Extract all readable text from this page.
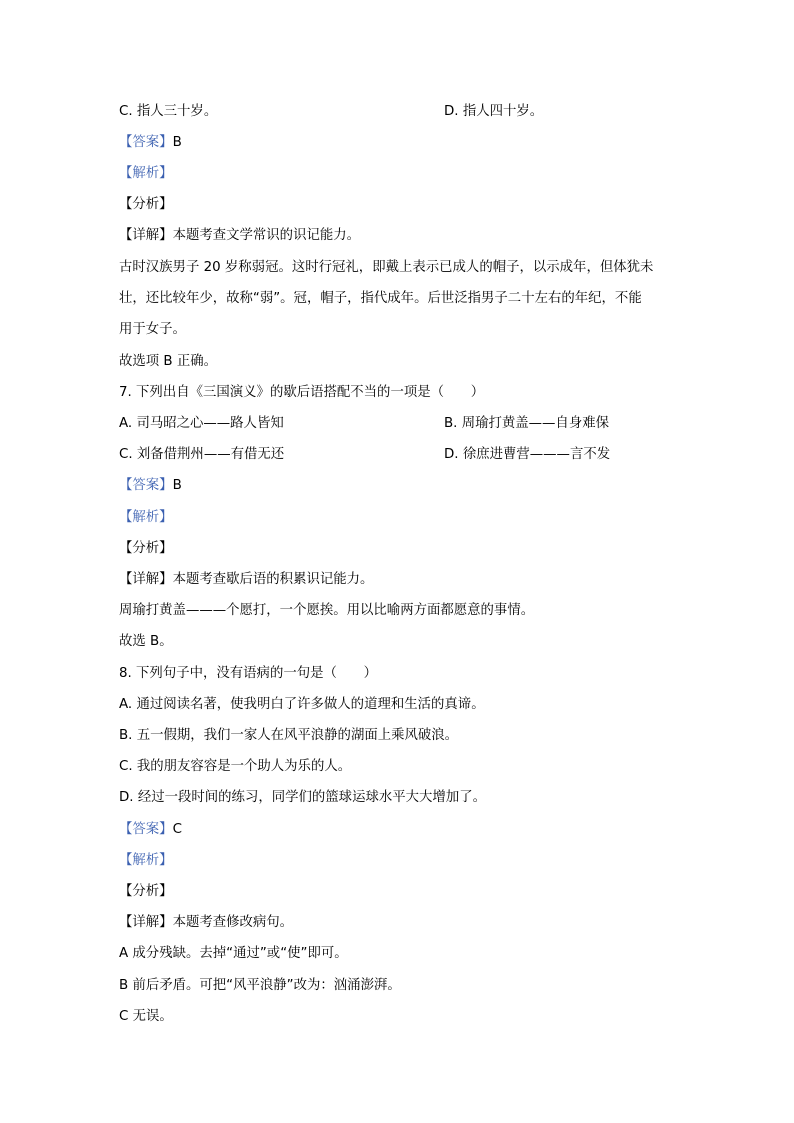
C. 指人三十岁。	D. 指人四十岁。
【答案】B
【解析】
【分析】
【详解】本题考查文学常识的识记能力。
古时汉族男子 20 岁称弱冠。这时行冠礼，即戴上表示已成人的帽子，以示成年，但体犹未
壮，还比较年少，故称“弱”。冠，帽子，指代成年。后世泛指男子二十左右的年纪，不能
用于女子。
故选项 B 正确。
7. 下列出自《三国演义》的歇后语搭配不当的一项是（　　）
A. 司马昭之心——路人皆知	B. 周瑜打黄盖——自身难保
C. 刘备借荆州——有借无还	D. 徐庶进曹营———言不发
【答案】B
【解析】
【分析】
【详解】本题考查歇后语的积累识记能力。
周瑜打黄盖———个愿打，一个愿挨。用以比喻两方面都愿意的事情。
故选 B。
8. 下列句子中，没有语病的一句是（　　）
A. 通过阅读名著，使我明白了许多做人的道理和生活的真谛。
B. 五一假期，我们一家人在风平浪静的湖面上乘风破浪。
C. 我的朋友容容是一个助人为乐的人。
D. 经过一段时间的练习，同学们的篮球运球水平大大增加了。
【答案】C
【解析】
【分析】
【详解】本题考查修改病句。
A 成分残缺。去掉“通过”或“使”即可。
B 前后矛盾。可把“风平浪静”改为：汹涌澎湃。
C 无误。
